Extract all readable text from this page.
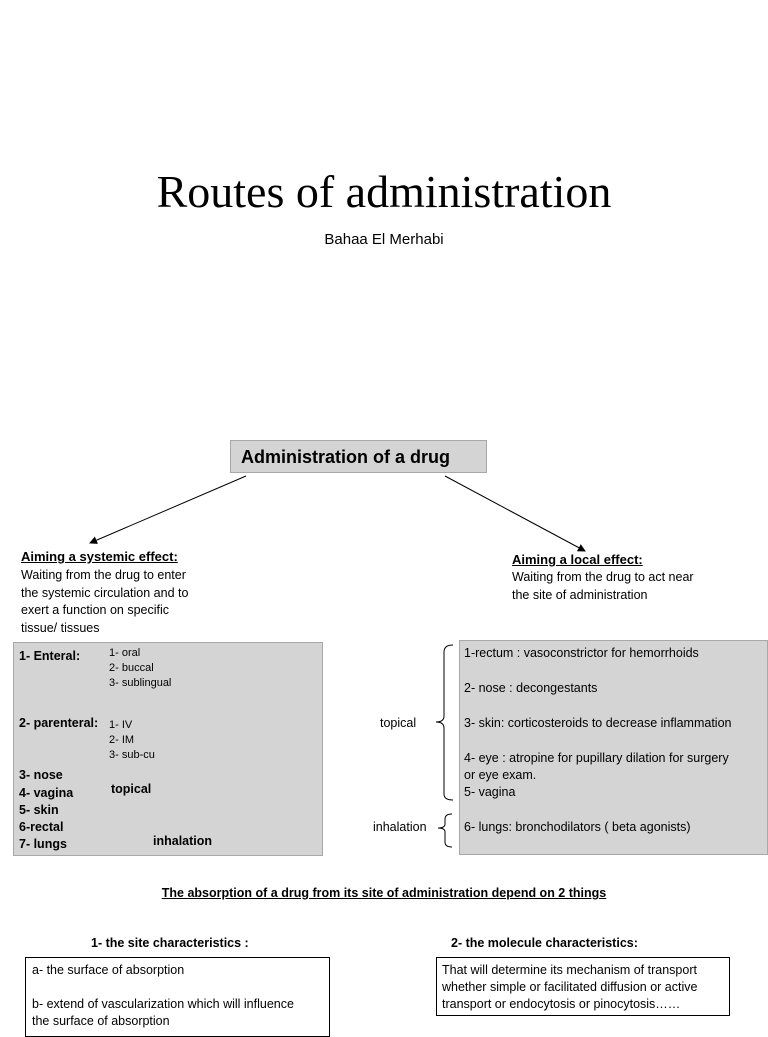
Routes of administration
Bahaa El Merhabi
Administration of a drug
Aiming a systemic effect:
Waiting from the drug to enter
the systemic circulation and to
exert a function on specific
tissue/ tissues
Aiming a local effect:
Waiting from the drug to act near
the site of administration
1- Enteral:	1- oral
2- buccal
3- sublingual
2- parenteral: 1- IV
2- IM
3- sub-cu
3- nose
4- vagina
5- skin
topical
6-rectal
7- lungs	inhalation
topical
inhalation
1-rectum : vasoconstrictor for hemorrhoids
2- nose : decongestants
3- skin: corticosteroids to decrease inflammation
4- eye : atropine for pupillary dilation for surgery
or eye exam.
5- vagina
6- lungs: bronchodilators ( beta agonists)
The absorption of a drug from its site of administration depend on 2 things
1- the site characteristics :	2- the molecule characteristics:
a- the surface of absorption
b- extend of vascularization which will influence
the surface of absorption
That will determine its mechanism of transport
whether simple or facilitated diffusion or active
transport or endocytosis or pinocytosis……
